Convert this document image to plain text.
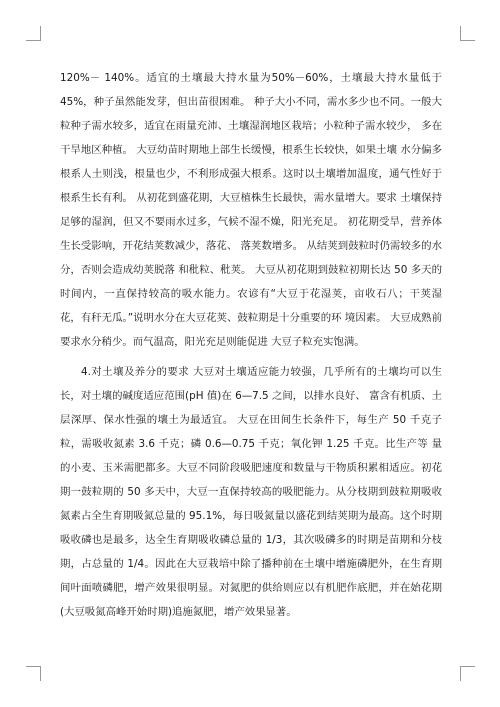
120%－ 140%。适宜的土壤最大持水量为50%－60%，土壤最大持水量低于45%，种子虽然能发芽，但出苗很困难。 种子大小不同，需水多少也不同。一般大粒种子需水较多，适宜在雨量充沛、土壤湿润地区栽培；小粒种子需水较少， 多在干旱地区种植。 大豆幼苗时期地上部生长缓慢，根系生长较快，如果土壤 水分偏多根系人土则浅，根量也少，不利形成强大根系。这时以土壤增加温度，通气性好于根系生长有利。 从初花到盛花期，大豆植株生长最快，需水量增大。要求 土壤保持足够的湿润，但又不要雨水过多，气候不湿不燥，阳光充足。 初花期受旱，营养体生长受影响，开花结荚数减少，落花、 落荚数增多。 从结荚到鼓粒时仍需较多的水分，否则会造成幼荚脱落 和秕粒、秕荚。 大豆从初花期到鼓粒初期长达 50 多天的时间内，一直保持较高的吸水能力。农谚有“大豆于花湿荚，亩收石八；干荚湿 花，有秆无瓜。”说明水分在大豆花荚、鼓粒期是十分重要的环 境因素。 大豆成熟前要求水分稍少。而气温高，阳光充足则能促进 大豆子粒充实饱满。

4.对土壤及养分的要求 大豆对土壤适应能力较强，几乎所有的土壤均可以生长，对土壤的碱度适应范围(pH 值)在 6—7.5 之间，以排水良好、 富含有机质、土层深厚、保水性强的壤土为最适宜。 大豆在田间生长条件下，每生产 50 千克子粒，需吸收氮素 3.6 千克；磷 0.6—0.75 千克；氧化钾 1.25 千克。比生产等 量的小麦、玉米需肥都多。大豆不同阶段吸肥速度和数量与干物质积累相适应。初花期一鼓粒期的 50 多天中，大豆一直保持较高的吸肥能力。从分枝期到鼓粒期吸收氮素占全生育期吸氮总量的 95.1%，每日吸氮量以盛花到结荚期为最高。这个时期吸收磷也是最多，达全生育期吸收磷总量的 1/3，其次吸磷多的时期是苗期和分枝期，占总量的 1/4。因此在大豆栽培中除了播种前在土壤中增施磷肥外，在生育期间叶面喷磷肥，增产效果很明显。对氮肥的供给则应以有机肥作底肥，并在始花期(大豆吸氮高峰开始时期)追施氮肥，增产效果显著。
